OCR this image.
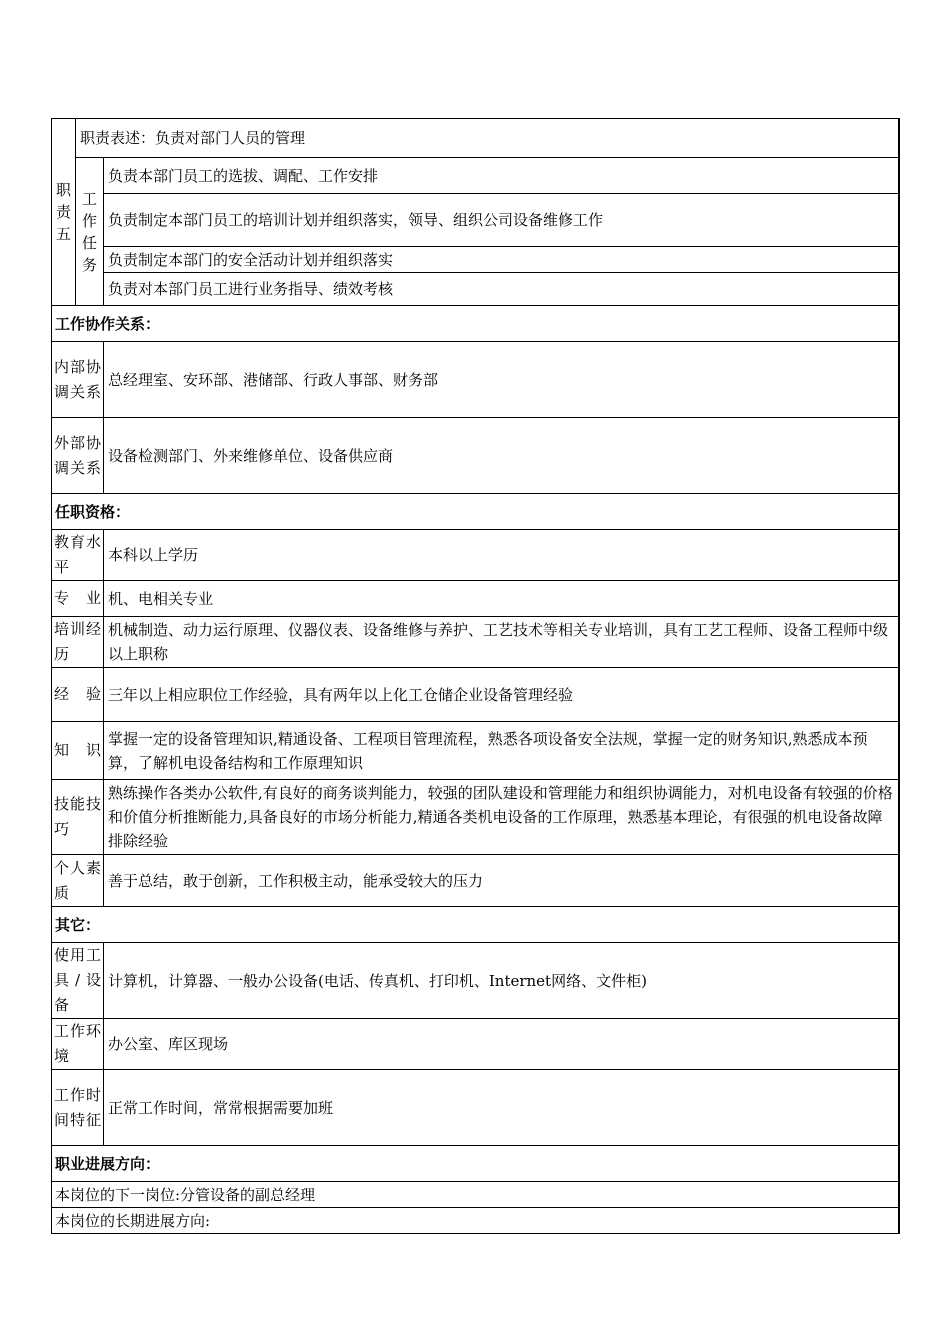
职责五	职责表述：负责对部门人员的管理	
	工作任务	负责本部门员工的选拔、调配、工作安排
		负责制定本部门员工的培训计划并组织落实，领导、组织公司设备维修工作
		负责制定本部门的安全活动计划并组织落实
		负责对本部门员工进行业务指导、绩效考核
工作协作关系：		
内部协调关系		总经理室、安环部、港储部、行政人事部、财务部
外部协调关系		设备检测部门、外来维修单位、设备供应商
任职资格：		
教育水平		本科以上学历
专业		机、电相关专业
培训经历		机械制造、动力运行原理、仪器仪表、设备维修与养护、工艺技术等相关专业培训，具有工艺工程师、设备工程师中级以上职称
经验		三年以上相应职位工作经验，具有两年以上化工仓储企业设备管理经验
知识		掌握一定的设备管理知识,精通设备、工程项目管理流程，熟悉各项设备安全法规，掌握一定的财务知识,熟悉成本预算，了解机电设备结构和工作原理知识
技能技巧		熟练操作各类办公软件,有良好的商务谈判能力，较强的团队建设和管理能力和组织协调能力，对机电设备有较强的价格和价值分析推断能力,具备良好的市场分析能力,精通各类机电设备的工作原理，熟悉基本理论，有很强的机电设备故障排除经验
个人素质		善于总结，敢于创新，工作积极主动，能承受较大的压力
其它：		
使用工具/设备		计算机，计算器、一般办公设备(电话、传真机、打印机、Internet网络、文件柜)
工作环境		办公室、库区现场
工作时间特征		正常工作时间，常常根据需要加班
职业进展方向：		
本岗位的下一岗位:分管设备的副总经理		
本岗位的长期进展方向:		
